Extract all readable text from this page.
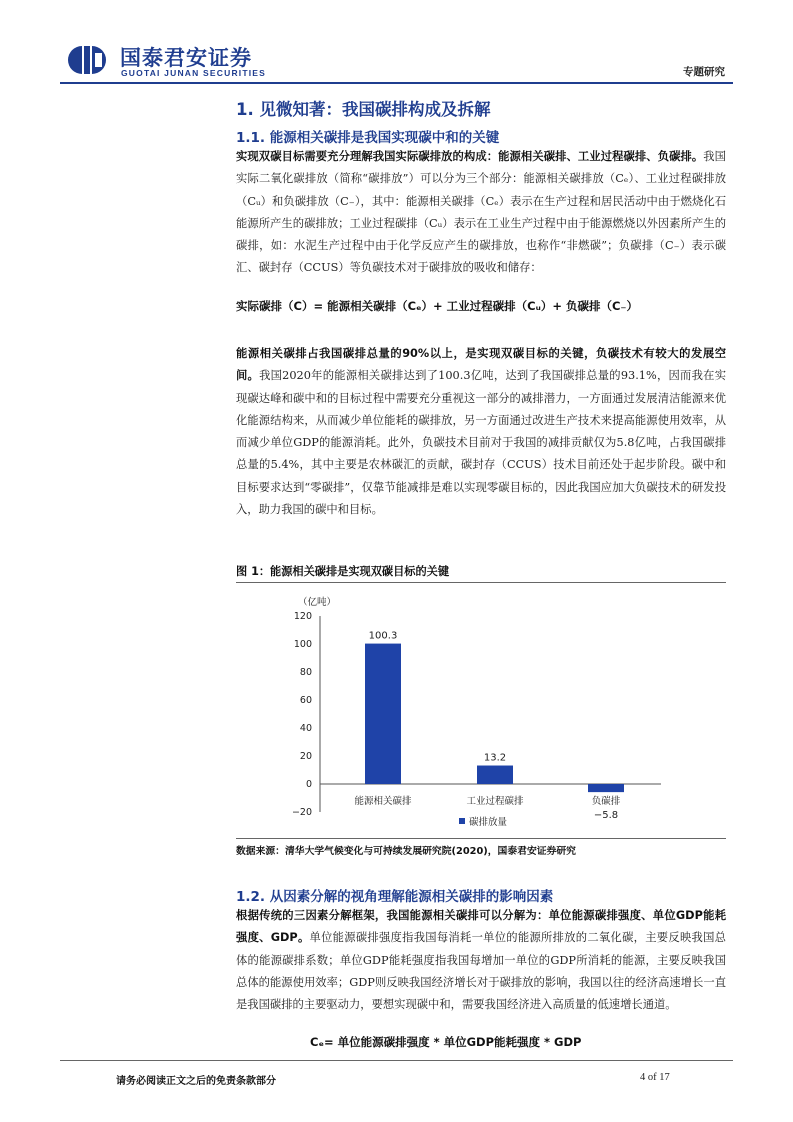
国泰君安证券
GUOTAI JUNAN SECURITIES	专题研究
1. 见微知著：我国碳排构成及拆解
1.1. 能源相关碳排是我国实现碳中和的关键
实现双碳目标需要充分理解我国实际碳排放的构成：能源相关碳排、工业过程碳排、负碳排。我国实际二氧化碳排放（简称“碳排放”）可以分为三个部分：能源相关碳排放（Cₑ）、工业过程碳排放（Cᵤ）和负碳排放（C₋），其中：能源相关碳排（Cₑ）表示在生产过程和居民活动中由于燃烧化石能源所产生的碳排放；工业过程碳排（Cᵤ）表示在工业生产过程中由于能源燃烧以外因素所产生的碳排，如：水泥生产过程中由于化学反应产生的碳排放，也称作“非燃碳”；负碳排（C₋）表示碳汇、碳封存（CCUS）等负碳技术对于碳排放的吸收和储存：
实际碳排（C）= 能源相关碳排（Cₑ）+ 工业过程碳排（Cᵤ）+ 负碳排（C₋）
能源相关碳排占我国碳排总量的90%以上，是实现双碳目标的关键，负碳技术有较大的发展空间。我国2020年的能源相关碳排达到了100.3亿吨，达到了我国碳排总量的93.1%，因而我在实现碳达峰和碳中和的目标过程中需要充分重视这一部分的减排潜力，一方面通过发展清洁能源来优化能源结构来，从而减少单位能耗的碳排放，另一方面通过改进生产技术来提高能源使用效率，从而减少单位GDP的能源消耗。此外，负碳技术目前对于我国的减排贡献仅为5.8亿吨，占我国碳排总量的5.4%，其中主要是农林碳汇的贡献，碳封存（CCUS）技术目前还处于起步阶段。碳中和目标要求达到“零碳排”，仅靠节能减排是难以实现零碳目标的，因此我国应加大负碳技术的研发投入，助力我国的碳中和目标。
图 1：能源相关碳排是实现双碳目标的关键
（亿吨）
120
100
80
60
40
20
0
−20
100.3
13.2
−5.8
能源相关碳排	工业过程碳排	负碳排
碳排放量
数据来源：清华大学气候变化与可持续发展研究院(2020)，国泰君安证券研究
1.2. 从因素分解的视角理解能源相关碳排的影响因素
根据传统的三因素分解框架，我国能源相关碳排可以分解为：单位能源碳排强度、单位GDP能耗强度、GDP。单位能源碳排强度指我国每消耗一单位的能源所排放的二氧化碳，主要反映我国总体的能源碳排系数；单位GDP能耗强度指我国每增加一单位的GDP所消耗的能源，主要反映我国总体的能源使用效率；GDP则反映我国经济增长对于碳排放的影响，我国以往的经济高速增长一直是我国碳排的主要驱动力，要想实现碳中和，需要我国经济进入高质量的低速增长通道。
Cₑ= 单位能源碳排强度 * 单位GDP能耗强度 * GDP
请务必阅读正文之后的免责条款部分	4 of 17
